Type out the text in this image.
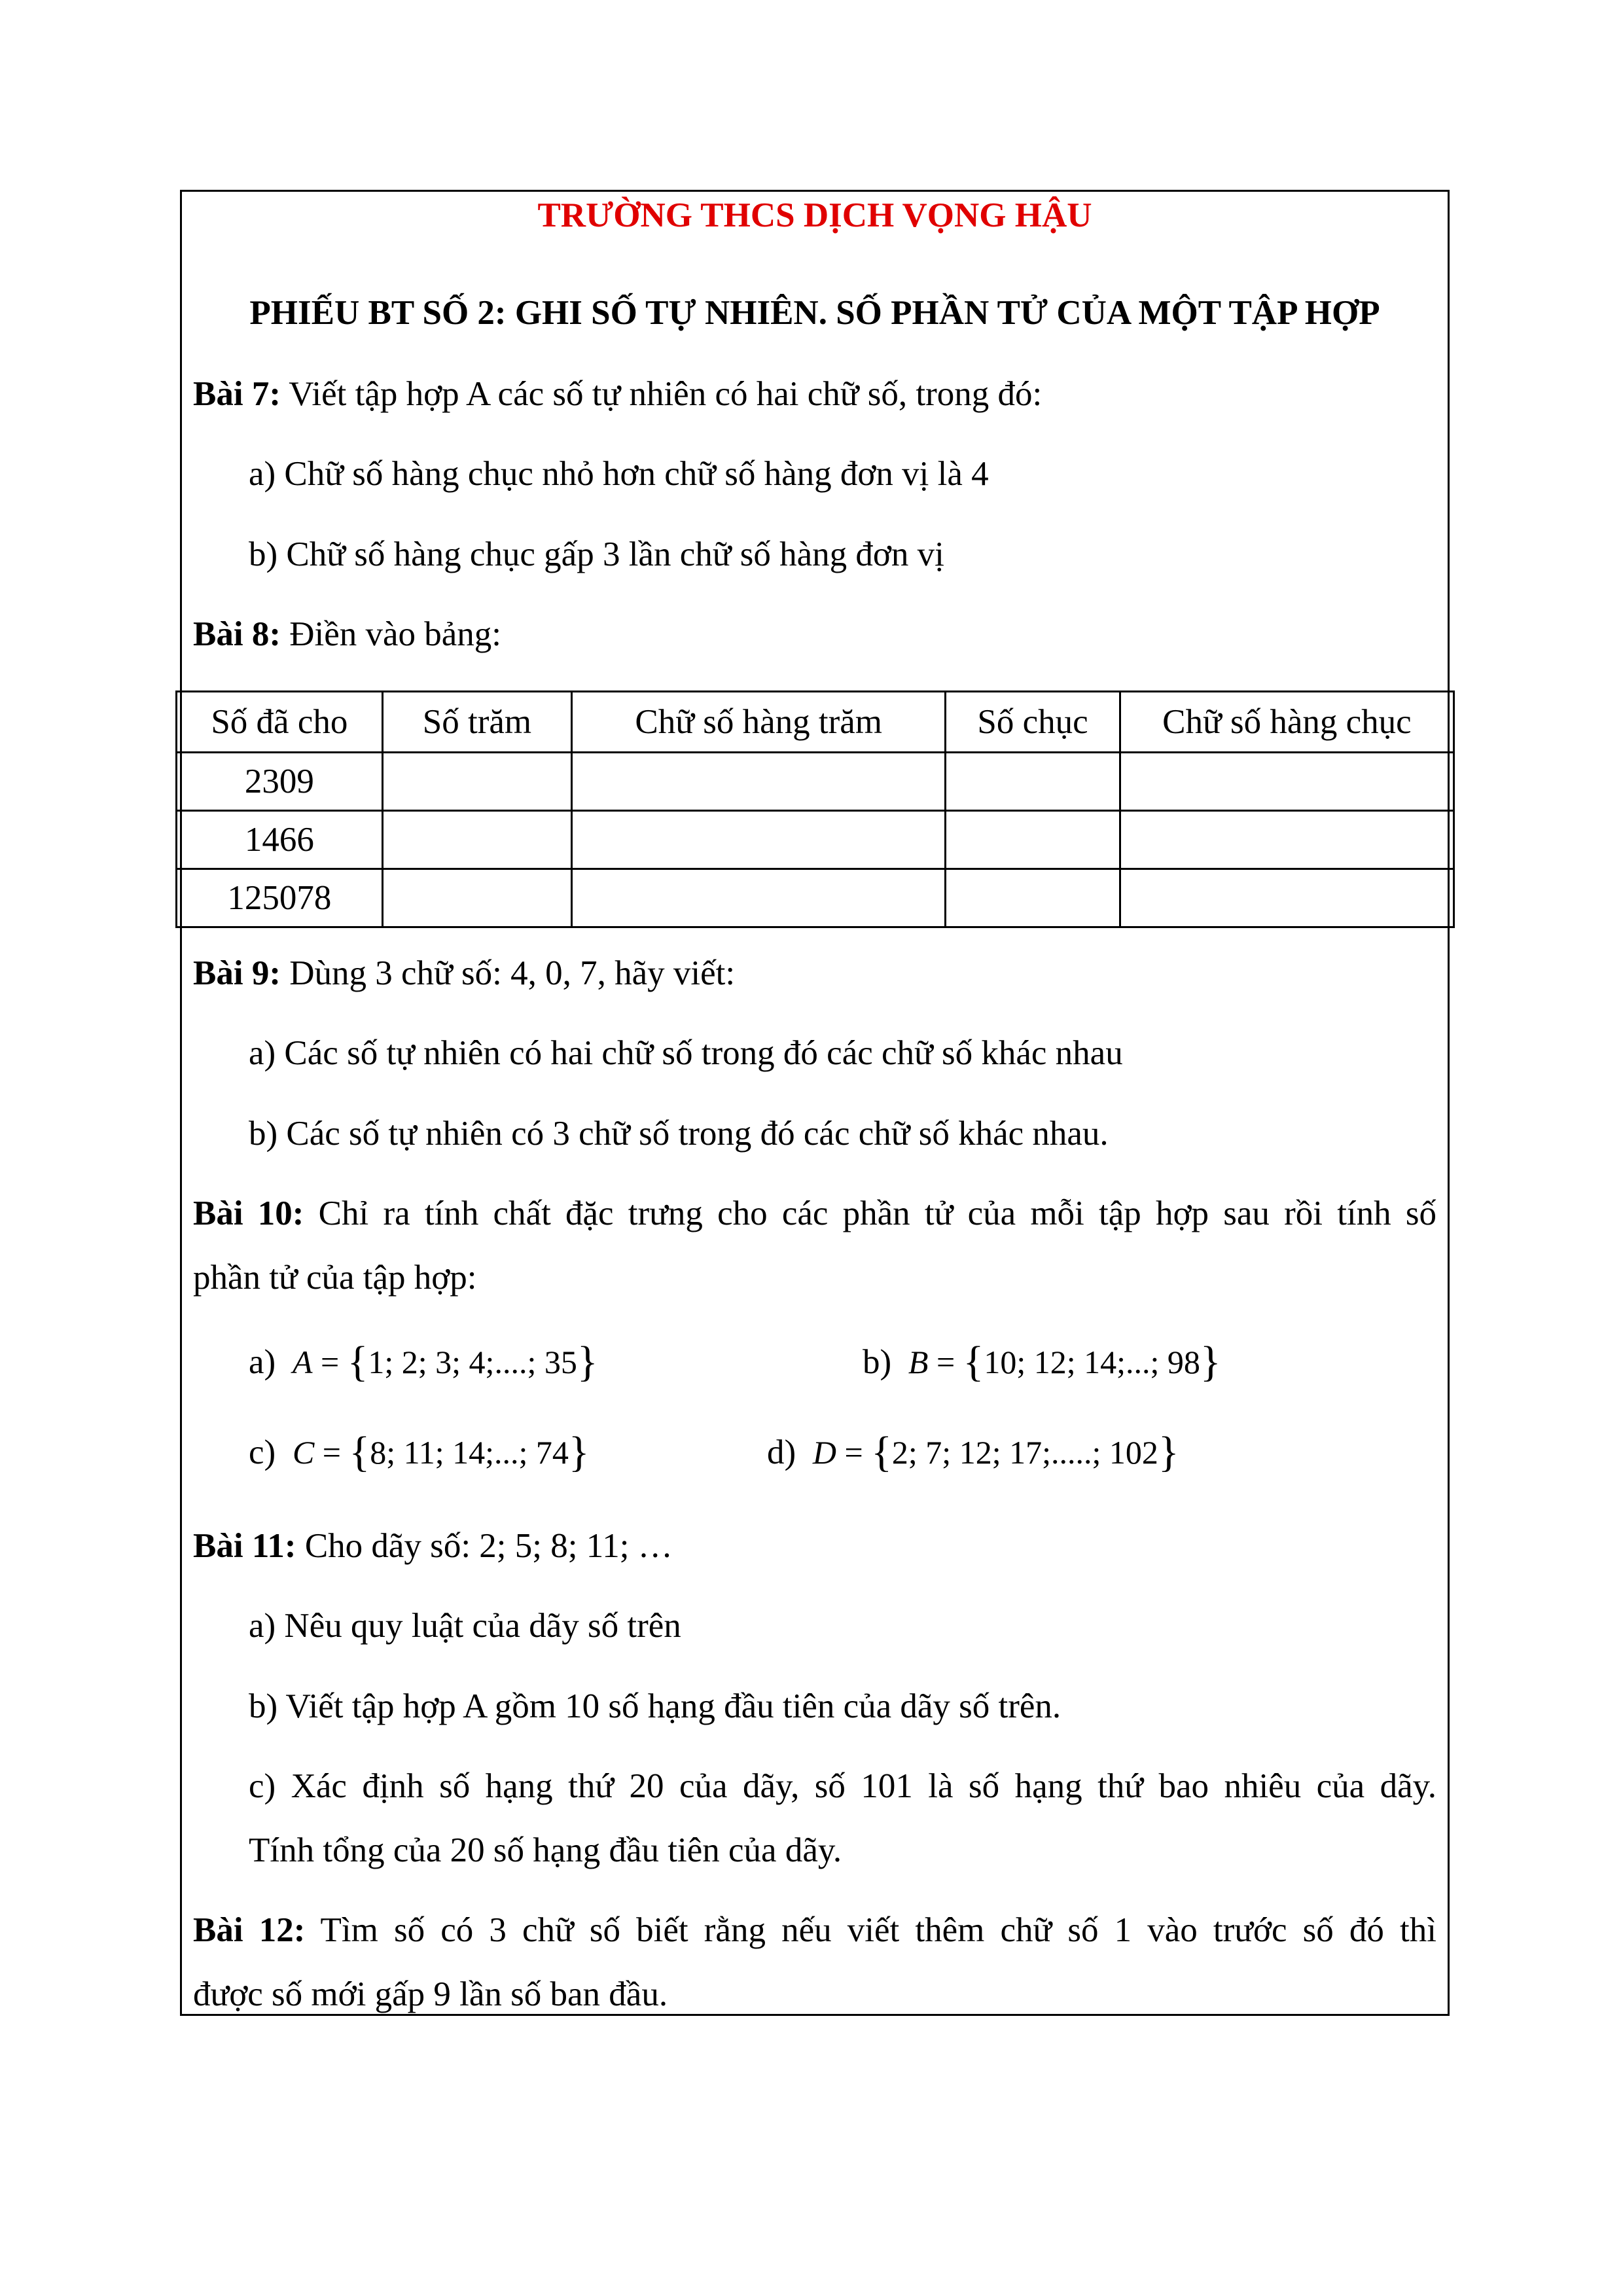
TRƯỜNG THCS DỊCH VỌNG HẬU
PHIẾU BT SỐ 2: GHI SỐ TỰ NHIÊN. SỐ PHẦN TỬ CỦA MỘT TẬP HỢP
Bài 7: Viết tập hợp A các số tự nhiên có hai chữ số, trong đó:
a) Chữ số hàng chục nhỏ hơn chữ số hàng đơn vị là 4
b) Chữ số hàng chục gấp 3 lần chữ số hàng đơn vị
Bài 8: Điền vào bảng:
Số đã cho	Số trăm	Chữ số hàng trăm	Số chục	Chữ số hàng chục
2309				
1466				
125078				
Bài 9: Dùng 3 chữ số: 4, 0, 7, hãy viết:
a) Các số tự nhiên có hai chữ số trong đó các chữ số khác nhau
b) Các số tự nhiên có 3 chữ số trong đó các chữ số khác nhau.
Bài 10: Chỉ ra tính chất đặc trưng cho các phần tử của mỗi tập hợp sau rồi tính số
phần tử của tập hợp:
a) A = {1; 2; 3; 4;....; 35}	b) B = {10; 12; 14;...; 98}
c) C = {8; 11; 14;...; 74}	d) D = {2; 7; 12; 17;.....; 102}
Bài 11: Cho dãy số: 2; 5; 8; 11; …
a) Nêu quy luật của dãy số trên
b) Viết tập hợp A gồm 10 số hạng đầu tiên của dãy số trên.
c) Xác định số hạng thứ 20 của dãy, số 101 là số hạng thứ bao nhiêu của dãy.
Tính tổng của 20 số hạng đầu tiên của dãy.
Bài 12: Tìm số có 3 chữ số biết rằng nếu viết thêm chữ số 1 vào trước số đó thì
được số mới gấp 9 lần số ban đầu.
